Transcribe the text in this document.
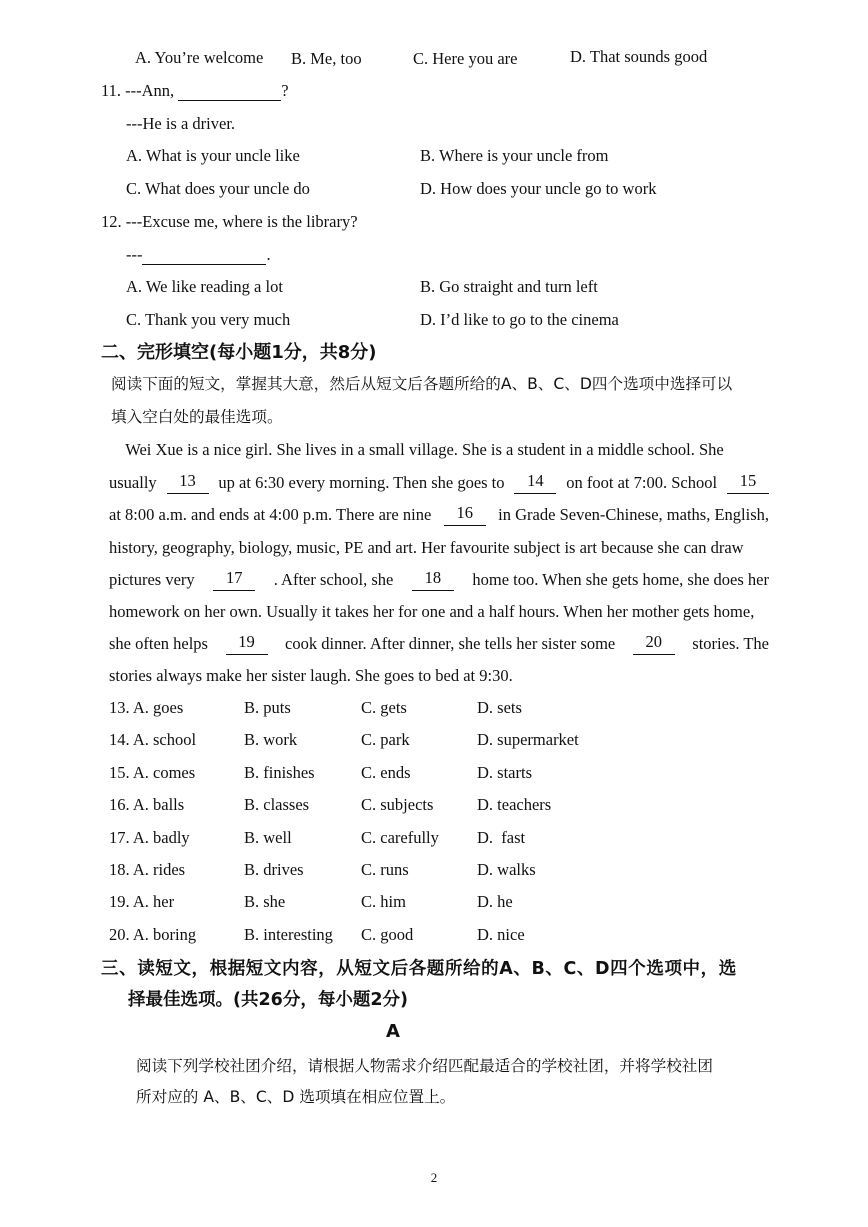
A. You’re welcome B. Me, too	C. Here you are	D. That sounds good
11. ---Ann,	?
---He is a driver.
A. What is your uncle like	B. Where is your uncle from
C. What does your uncle do	D. How does your uncle go to work
12. ---Excuse me, where is the library?
---	.
A. We like reading a lot	B. Go straight and turn left
C. Thank you very much	D. I’d like to go to the cinema
二、完形填空(每小题1分，共8分)
阅读下面的短文，掌握其大意，然后从短文后各题所给的A、B、C、D四个选项中选择可以
填入空白处的最佳选项。
Wei Xue is a nice girl. She lives in a small village. She is a student in a middle school. She
usually	13	up at 6:30 every morning. Then she goes to	14	on foot at 7:00. School	15
at 8:00 a.m. and ends at 4:00 p.m. There are nine	16	in Grade Seven-Chinese, maths, English,
history, geography, biology, music, PE and art. Her favourite subject is art because she can draw
pictures very	17	. After school, she	18	home too. When she gets home, she does her
homework on her own. Usually it takes her for one and a half hours. When her mother gets home,
she often helps	19	cook dinner. After dinner, she tells her sister some	20	stories. The
stories always make her sister laugh. She goes to bed at 9:30.
13. A. goes	B. puts	C. gets	D. sets
14. A. school	B. work	C. park	D. supermarket
15. A. comes	B. finishes	C. ends	D. starts
16. A. balls	B. classes	C. subjects	D. teachers
17. A. badly	B. well	C. carefully D.  fast
18. A. rides	B. drives	C. runs	D. walks
19. A. her	B. she	C. him	D. he
20. A. boring	B. interesting C. good	D. nice
三、读短文，根据短文内容，从短文后各题所给的A、B、C、D四个选项中，选
择最佳选项。(共26分，每小题2分)
A
阅读下列学校社团介绍，请根据人物需求介绍匹配最适合的学校社团，并将学校社团
所对应的 A、B、C、D 选项填在相应位置上。
2
